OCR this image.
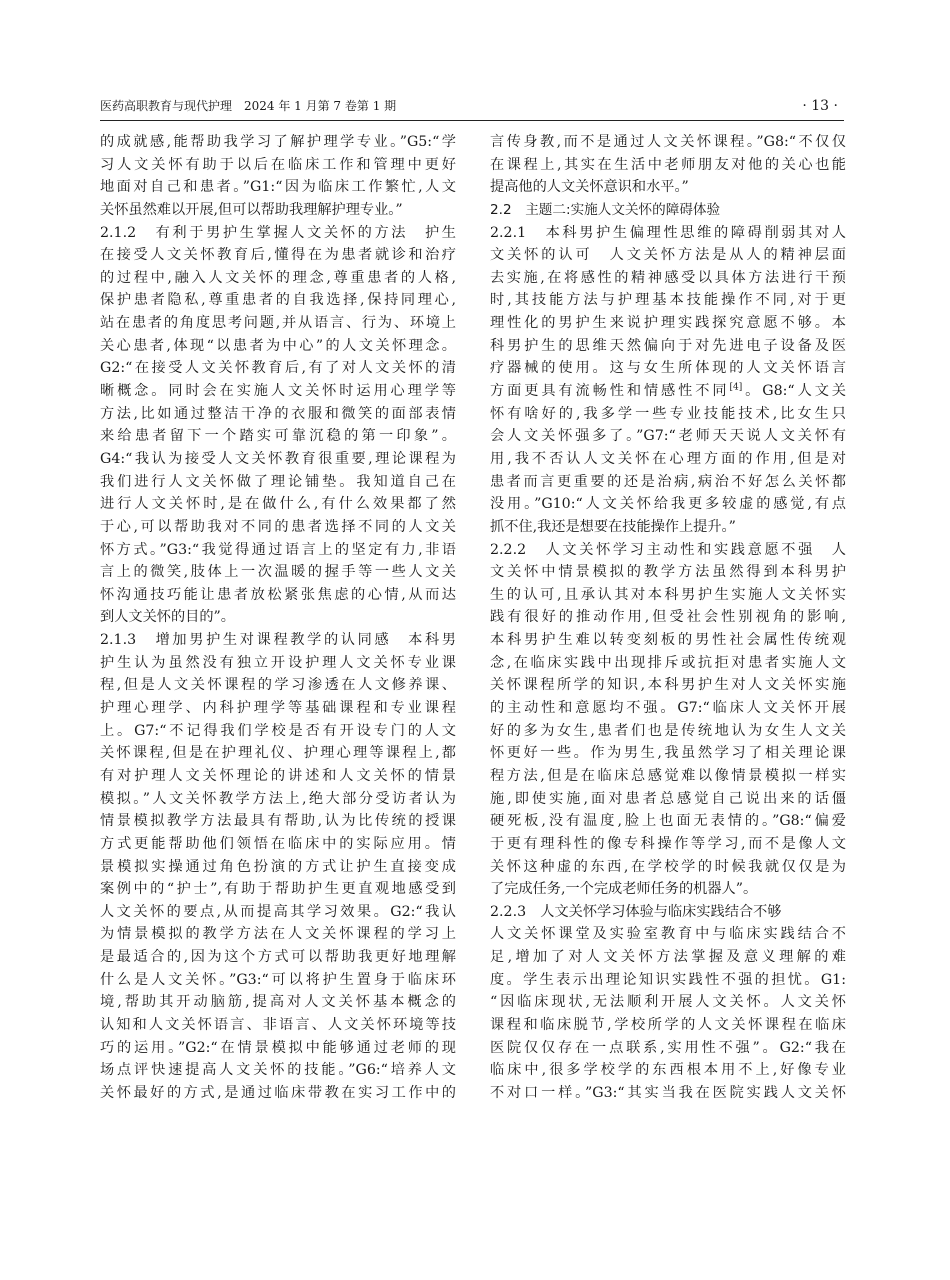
医药高职教育与现代护理　2024 年 1 月第 7 卷第 1 期	· 13 ·
的成就感,能帮助我学习了解护理学专业。”G5:“学
习人文关怀有助于以后在临床工作和管理中更好
地面对自己和患者。”G1:“因为临床工作繁忙,人文
关怀虽然难以开展,但可以帮助我理解护理专业。”
2.1.2　有利于男护生掌握人文关怀的方法　护生
在接受人文关怀教育后,懂得在为患者就诊和治疗
的过程中,融入人文关怀的理念,尊重患者的人格,
保护患者隐私,尊重患者的自我选择,保持同理心,
站在患者的角度思考问题,并从语言、行为、环境上
关心患者,体现“以患者为中心”的人文关怀理念。
G2:“在接受人文关怀教育后,有了对人文关怀的清
晰概念。同时会在实施人文关怀时运用心理学等
方法,比如通过整洁干净的衣服和微笑的面部表情
来给患者留下一个踏实可靠沉稳的第一印象”。
G4:“我认为接受人文关怀教育很重要,理论课程为
我们进行人文关怀做了理论铺垫。我知道自己在
进行人文关怀时,是在做什么,有什么效果都了然
于心,可以帮助我对不同的患者选择不同的人文关
怀方式。”G3:“我觉得通过语言上的坚定有力,非语
言上的微笑,肢体上一次温暖的握手等一些人文关
怀沟通技巧能让患者放松紧张焦虑的心情,从而达
到人文关怀的目的”。
2.1.3　增加男护生对课程教学的认同感　本科男
护生认为虽然没有独立开设护理人文关怀专业课
程,但是人文关怀课程的学习渗透在人文修养课、
护理心理学、内科护理学等基础课程和专业课程
上。G7:“不记得我们学校是否有开设专门的人文
关怀课程,但是在护理礼仪、护理心理等课程上,都
有对护理人文关怀理论的讲述和人文关怀的情景
模拟。”人文关怀教学方法上,绝大部分受访者认为
情景模拟教学方法最具有帮助,认为比传统的授课
方式更能帮助他们领悟在临床中的实际应用。情
景模拟实操通过角色扮演的方式让护生直接变成
案例中的“护士”,有助于帮助护生更直观地感受到
人文关怀的要点,从而提高其学习效果。G2:“我认
为情景模拟的教学方法在人文关怀课程的学习上
是最适合的,因为这个方式可以帮助我更好地理解
什么是人文关怀。”G3:“可以将护生置身于临床环
境,帮助其开动脑筋,提高对人文关怀基本概念的
认知和人文关怀语言、非语言、人文关怀环境等技
巧的运用。”G2:“在情景模拟中能够通过老师的现
场点评快速提高人文关怀的技能。”G6:“培养人文
关怀最好的方式,是通过临床带教在实习工作中的
言传身教,而不是通过人文关怀课程。”G8:“不仅仅
在课程上,其实在生活中老师朋友对他的关心也能
提高他的人文关怀意识和水平。”
2.2　主题二:实施人文关怀的障碍体验
2.2.1　本科男护生偏理性思维的障碍削弱其对人
文关怀的认可　人文关怀方法是从人的精神层面
去实施,在将感性的精神感受以具体方法进行干预
时,其技能方法与护理基本技能操作不同,对于更
理性化的男护生来说护理实践探究意愿不够。本
科男护生的思维天然偏向于对先进电子设备及医
疗器械的使用。这与女生所体现的人文关怀语言
方面更具有流畅性和情感性不同[4]。G8:“人文关
怀有啥好的,我多学一些专业技能技术,比女生只
会人文关怀强多了。”G7:“老师天天说人文关怀有
用,我不否认人文关怀在心理方面的作用,但是对
患者而言更重要的还是治病,病治不好怎么关怀都
没用。”G10:“人文关怀给我更多较虚的感觉,有点
抓不住,我还是想要在技能操作上提升。”
2.2.2　人文关怀学习主动性和实践意愿不强　人
文关怀中情景模拟的教学方法虽然得到本科男护
生的认可,且承认其对本科男护生实施人文关怀实
践有很好的推动作用,但受社会性别视角的影响,
本科男护生难以转变刻板的男性社会属性传统观
念,在临床实践中出现排斥或抗拒对患者实施人文
关怀课程所学的知识,本科男护生对人文关怀实施
的主动性和意愿均不强。G7:“临床人文关怀开展
好的多为女生,患者们也是传统地认为女生人文关
怀更好一些。作为男生,我虽然学习了相关理论课
程方法,但是在临床总感觉难以像情景模拟一样实
施,即使实施,面对患者总感觉自己说出来的话僵
硬死板,没有温度,脸上也面无表情的。”G8:“偏爱
于更有理科性的像专科操作等学习,而不是像人文
关怀这种虚的东西,在学校学的时候我就仅仅是为
了完成任务,一个完成老师任务的机器人”。
2.2.3　人文关怀学习体验与临床实践结合不够
人文关怀课堂及实验室教育中与临床实践结合不
足,增加了对人文关怀方法掌握及意义理解的难
度。学生表示出理论知识实践性不强的担忧。G1:
“因临床现状,无法顺利开展人文关怀。人文关怀
课程和临床脱节,学校所学的人文关怀课程在临床
医院仅仅存在一点联系,实用性不强”。G2:“我在
临床中,很多学校学的东西根本用不上,好像专业
不对口一样。”G3:“其实当我在医院实践人文关怀
